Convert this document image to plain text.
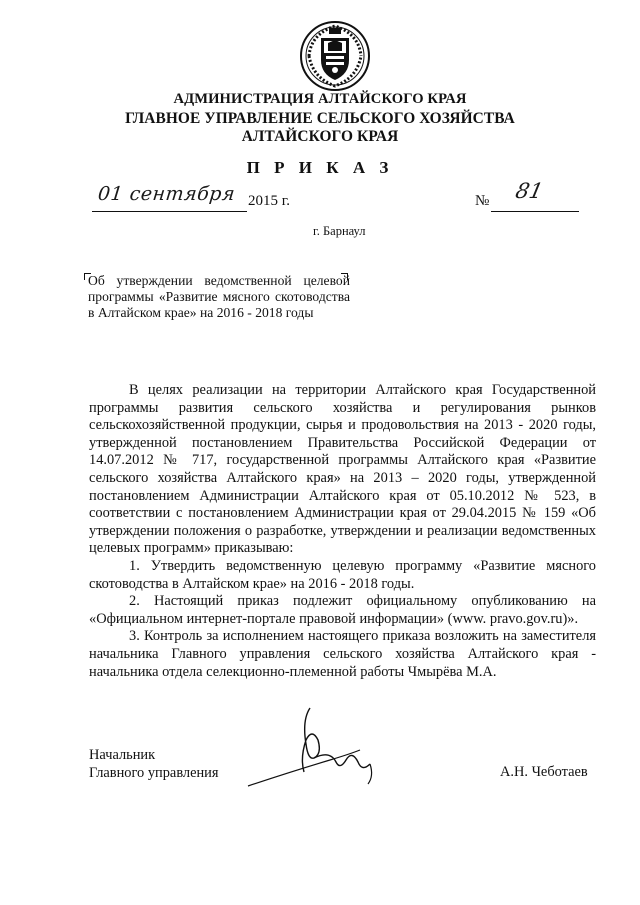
АДМИНИСТРАЦИЯ АЛТАЙСКОГО КРАЯ
ГЛАВНОЕ УПРАВЛЕНИЕ СЕЛЬСКОГО ХОЗЯЙСТВА
АЛТАЙСКОГО КРАЯ
П Р И К А З
01 сентября 2015 г.	№ 81
г. Барнаул
Об утверждении ведомственной целевой программы «Развитие мясного скотоводства в Алтайском крае» на 2016 - 2018 годы

В целях реализации на территории Алтайского края Государственной программы развития сельского хозяйства и регулирования рынков сельскохозяйственной продукции, сырья и продовольствия на 2013 - 2020 годы, утвержденной постановлением Правительства Российской Федерации от 14.07.2012 № 717, государственной программы Алтайского края «Развитие сельского хозяйства Алтайского края» на 2013 – 2020 годы, утвержденной постановлением Администрации Алтайского края от 05.10.2012 № 523, в соответствии с постановлением Администрации края от 29.04.2015 № 159 «Об утверждении положения о разработке, утверждении и реализации ведомственных целевых программ» приказываю:

1. Утвердить ведомственную целевую программу «Развитие мясного скотоводства в Алтайском крае» на 2016 - 2018 годы.

2. Настоящий приказ подлежит официальному опубликованию на «Официальном интернет-портале правовой информации» (www. pravo.gov.ru)».

3. Контроль за исполнением настоящего приказа возложить на заместителя начальника Главного управления сельского хозяйства Алтайского края - начальника отдела селекционно-племенной работы Чмырёва М.А.

Начальник
Главного управления	А.Н. Чеботаев
